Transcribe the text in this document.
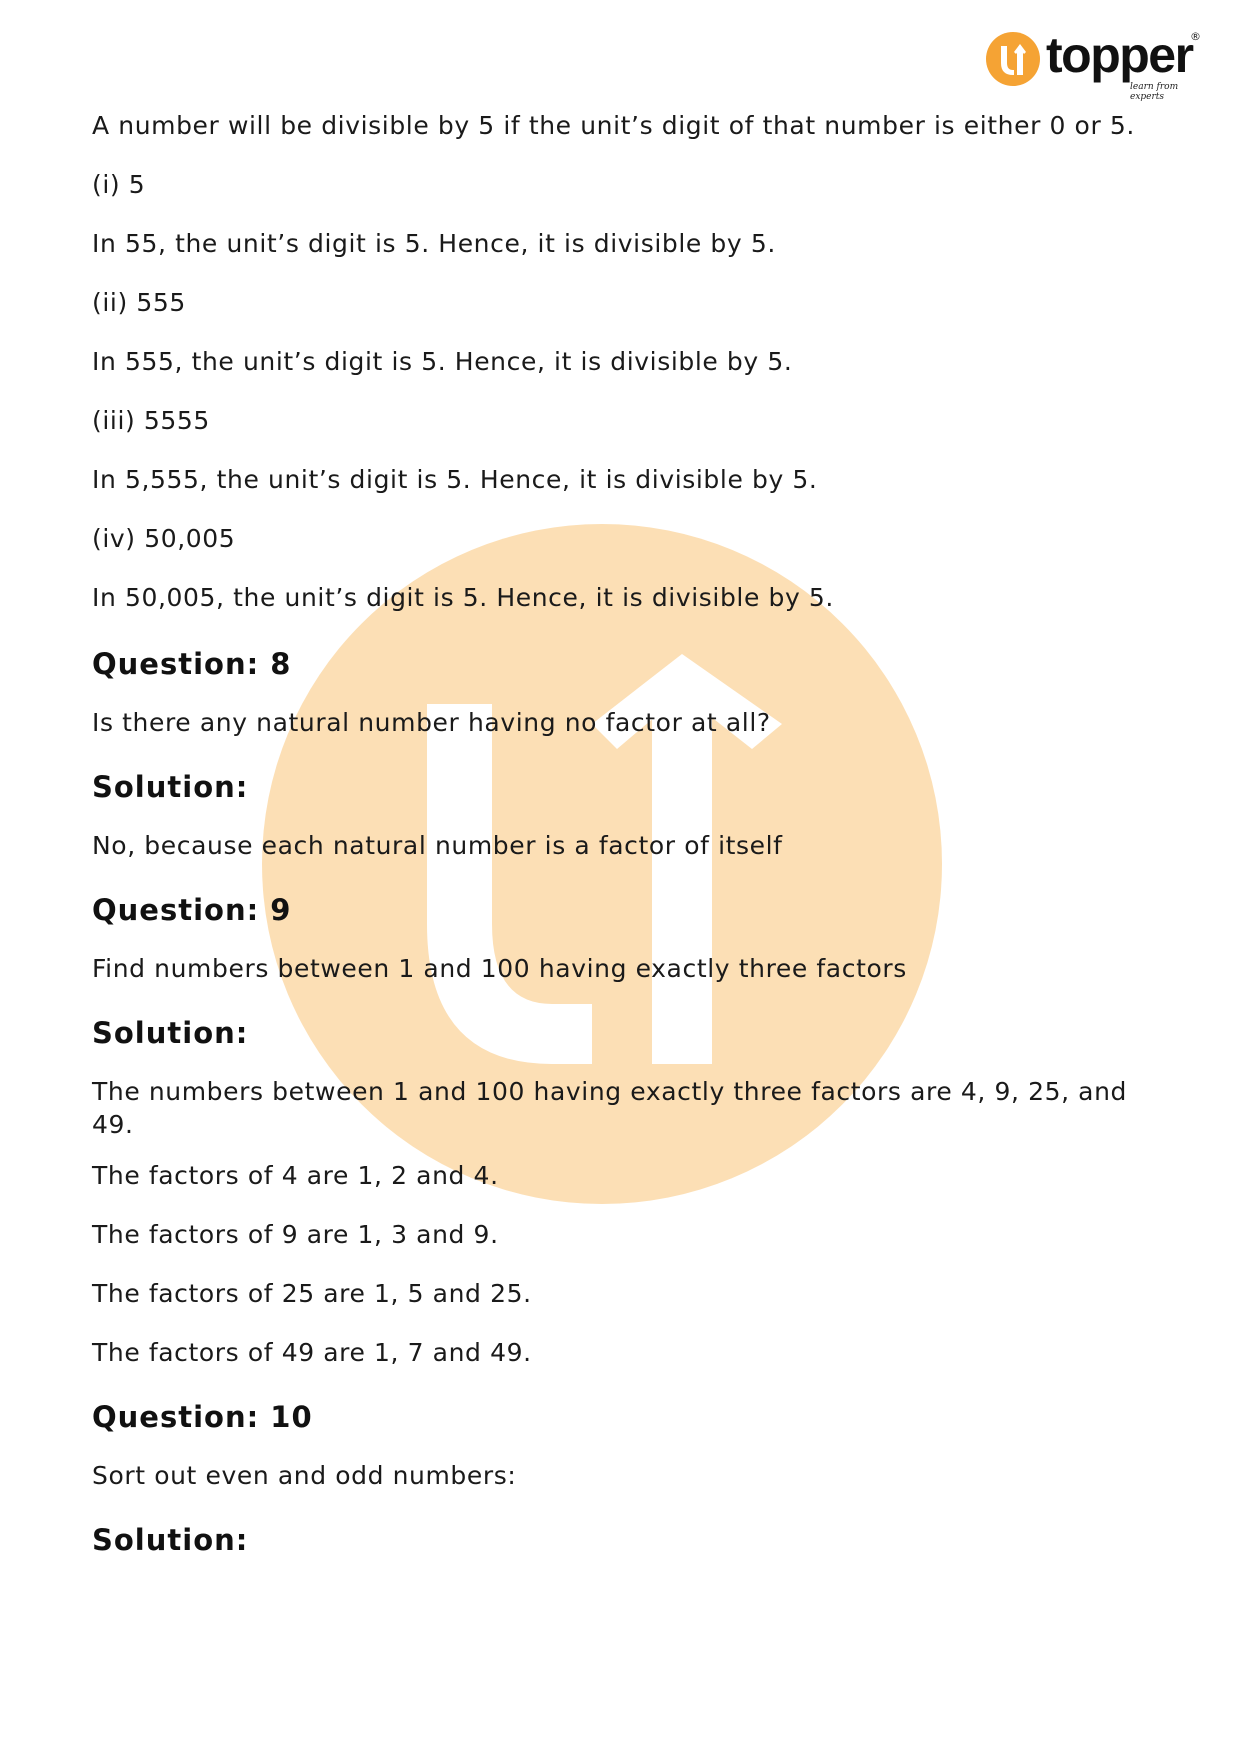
topper
®
learn from experts

A number will be divisible by 5 if the unit’s digit of that number is either 0 or 5.

(i) 5

In 55, the unit’s digit is 5. Hence, it is divisible by 5.

(ii) 555

In 555, the unit’s digit is 5. Hence, it is divisible by 5.

(iii) 5555

In 5,555, the unit’s digit is 5. Hence, it is divisible by 5.

(iv) 50,005

In 50,005, the unit’s digit is 5. Hence, it is divisible by 5.

Question: 8

Is there any natural number having no factor at all?

Solution:

No, because each natural number is a factor of itself

Question: 9

Find numbers between 1 and 100 having exactly three factors

Solution:

The numbers between 1 and 100 having exactly three factors are 4, 9, 25, and 49.

The factors of 4 are 1, 2 and 4.

The factors of 9 are 1, 3 and 9.

The factors of 25 are 1, 5 and 25.

The factors of 49 are 1, 7 and 49.

Question: 10

Sort out even and odd numbers:

Solution:
